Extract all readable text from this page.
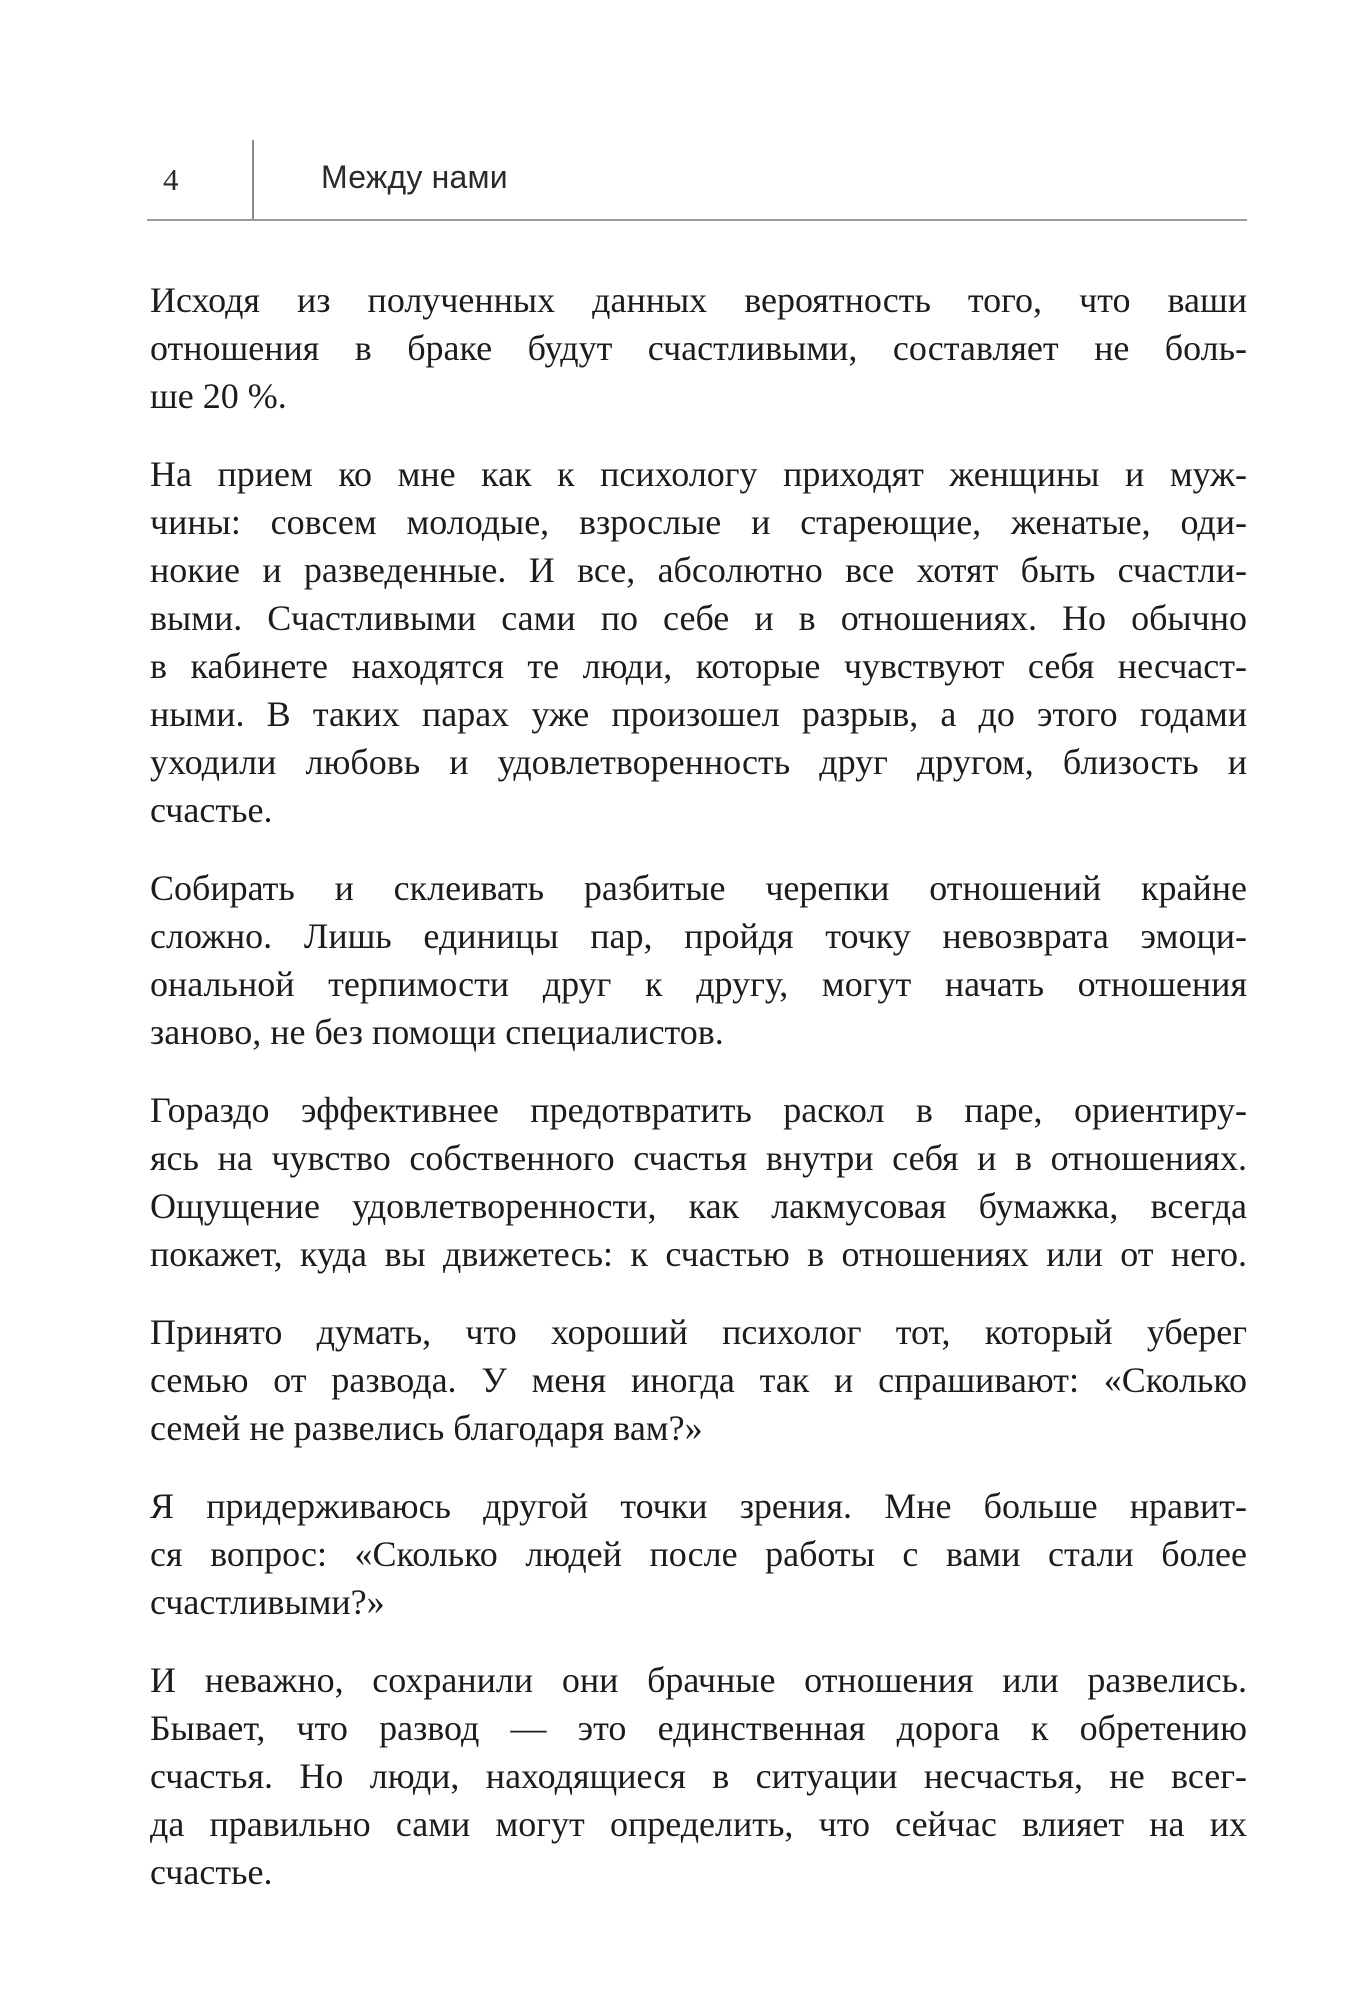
4	Между нами

Исходя из полученных данных вероятность того, что ваши
отношения в браке будут счастливыми, составляет не боль-
ше 20 %.

На прием ко мне как к психологу приходят женщины и муж-
чины: совсем молодые, взрослые и стареющие, женатые, оди-
нокие и разведенные. И все, абсолютно все хотят быть счастли-
выми. Счастливыми сами по себе и в отношениях. Но обычно
в кабинете находятся те люди, которые чувствуют себя несчаст-
ными. В таких парах уже произошел разрыв, а до этого годами
уходили любовь и удовлетворенность друг другом, близость и
счастье.

Собирать и склеивать разбитые черепки отношений крайне
сложно. Лишь единицы пар, пройдя точку невозврата эмоци-
ональной терпимости друг к другу, могут начать отношения
заново, не без помощи специалистов.

Гораздо эффективнее предотвратить раскол в паре, ориентиру-
ясь на чувство собственного счастья внутри себя и в отношениях.
Ощущение удовлетворенности, как лакмусовая бумажка, всегда
покажет, куда вы движетесь: к счастью в отношениях или от него.

Принято думать, что хороший психолог тот, который уберег
семью от развода. У меня иногда так и спрашивают: «Сколько
семей не развелись благодаря вам?»

Я придерживаюсь другой точки зрения. Мне больше нравит-
ся вопрос: «Сколько людей после работы с вами стали более
счастливыми?»

И неважно, сохранили они брачные отношения или развелись.
Бывает, что развод — это единственная дорога к обретению
счастья. Но люди, находящиеся в ситуации несчастья, не всег-
да правильно сами могут определить, что сейчас влияет на их
счастье.
